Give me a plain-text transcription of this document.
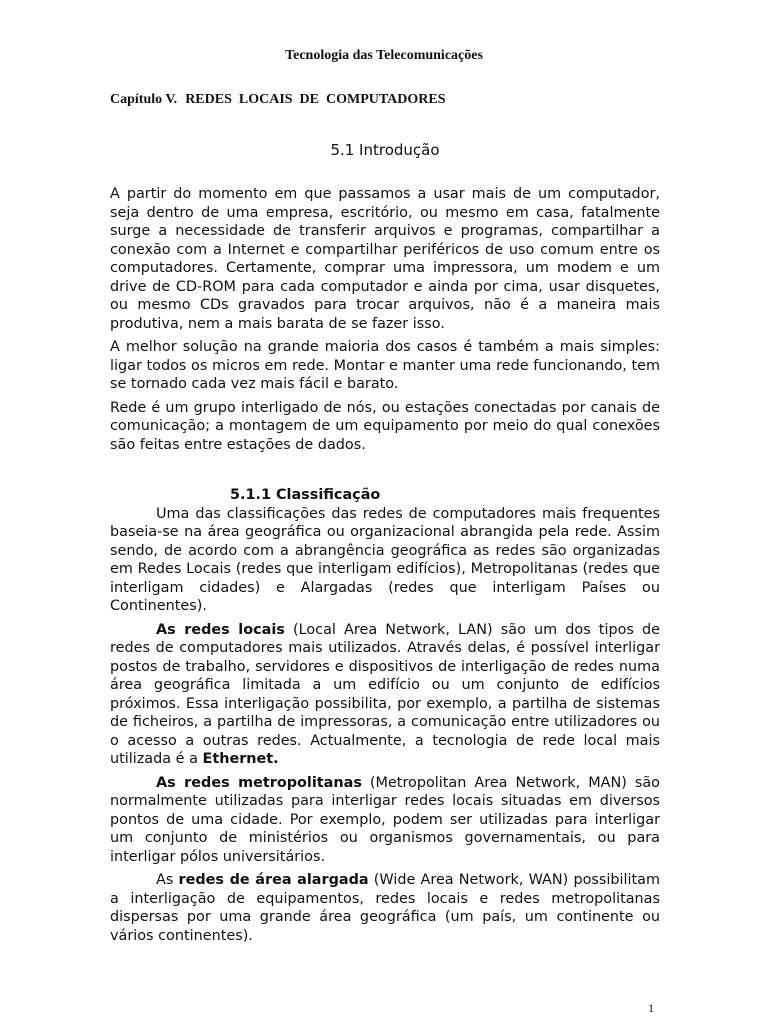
Tecnologia das Telecomunicações
Capítulo V. REDES  LOCAIS  DE  COMPUTADORES
5.1 Introdução

A partir do momento em que passamos a usar mais de um computador, seja dentro de uma empresa, escritório, ou mesmo em casa, fatalmente surge a necessidade de transferir arquivos e programas, compartilhar a conexão com a Internet e compartilhar periféricos de uso comum entre os computadores. Certamente, comprar uma impressora, um modem e um drive de CD-ROM para cada computador e ainda por cima, usar disquetes, ou mesmo CDs gravados para trocar arquivos, não é a maneira mais produtiva, nem a mais barata de se fazer isso.

A melhor solução na grande maioria dos casos é também a mais simples: ligar todos os micros em rede. Montar e manter uma rede funcionando, tem se tornado cada vez mais fácil e barato.

Rede é um grupo interligado de nós, ou estações conectadas por canais de comunicação; a montagem de um equipamento por meio do qual conexões são feitas entre estações de dados.

5.1.1 Classificação

Uma das classificações das redes de computadores mais frequentes baseia-se na área geográfica ou organizacional abrangida pela rede. Assim sendo, de acordo com a abrangência geográfica as redes são organizadas em Redes Locais (redes que interligam edifícios), Metropolitanas (redes que interligam cidades) e Alargadas (redes que interligam Países ou Continentes).

As redes locais (Local Area Network, LAN) são um dos tipos de redes de computadores mais utilizados. Através delas, é possível interligar postos de trabalho, servidores e dispositivos de interligação de redes numa área geográfica limitada a um edifício ou um conjunto de edifícios próximos. Essa interligação possibilita, por exemplo, a partilha de sistemas de ficheiros, a partilha de impressoras, a comunicação entre utilizadores ou o acesso a outras redes. Actualmente, a tecnologia de rede local mais utilizada é a Ethernet.

As redes metropolitanas (Metropolitan Area Network, MAN) são normalmente utilizadas para interligar redes locais situadas em diversos pontos de uma cidade. Por exemplo, podem ser utilizadas para interligar um conjunto de ministérios ou organismos governamentais, ou para interligar pólos universitários.

As redes de área alargada (Wide Area Network, WAN) possibilitam a interligação de equipamentos, redes locais e redes metropolitanas dispersas por uma grande área geográfica (um país, um continente ou vários continentes).

1
